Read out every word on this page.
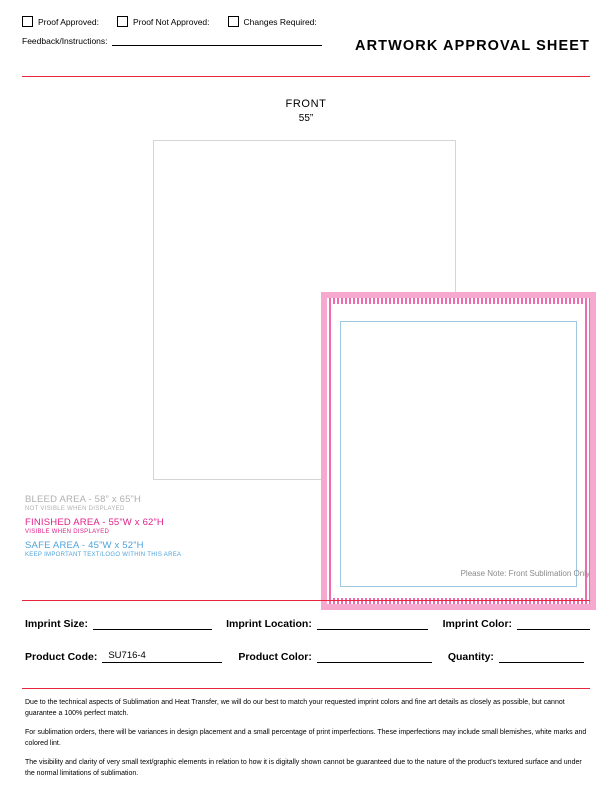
Proof Approved:	Proof Not Approved:	Changes Required:
Feedback/Instructions:	ARTWORK APPROVAL SHEET
FRONT
55”
BLEED AREA - 58” x 65”H
NOT VISIBLE WHEN DISPLAYED
FINISHED AREA - 55”W x 62”H
VISIBLE WHEN DISPLAYED
SAFE AREA - 45”W x 52”H
KEEP IMPORTANT TEXT/LOGO WITHIN THIS AREA
Please Note: Front Sublimation Only
Imprint Size:	Imprint Location:	Imprint Color:
Product Code: SU716-4	Product Color:	Quantity:

Due to the technical aspects of Sublimation and Heat Transfer, we will do our best to match your requested imprint colors and fine art details as closely as possible, but cannot guarantee a 100% perfect match.

For sublimation orders, there will be variances in design placement and a small percentage of print imperfections. These imperfections may include small blemishes, white marks and colored lint.

The visibility and clarity of very small text/graphic elements in relation to how it is digitally shown cannot be guaranteed due to the nature of the product’s textured surface and under the normal limitations of sublimation.
